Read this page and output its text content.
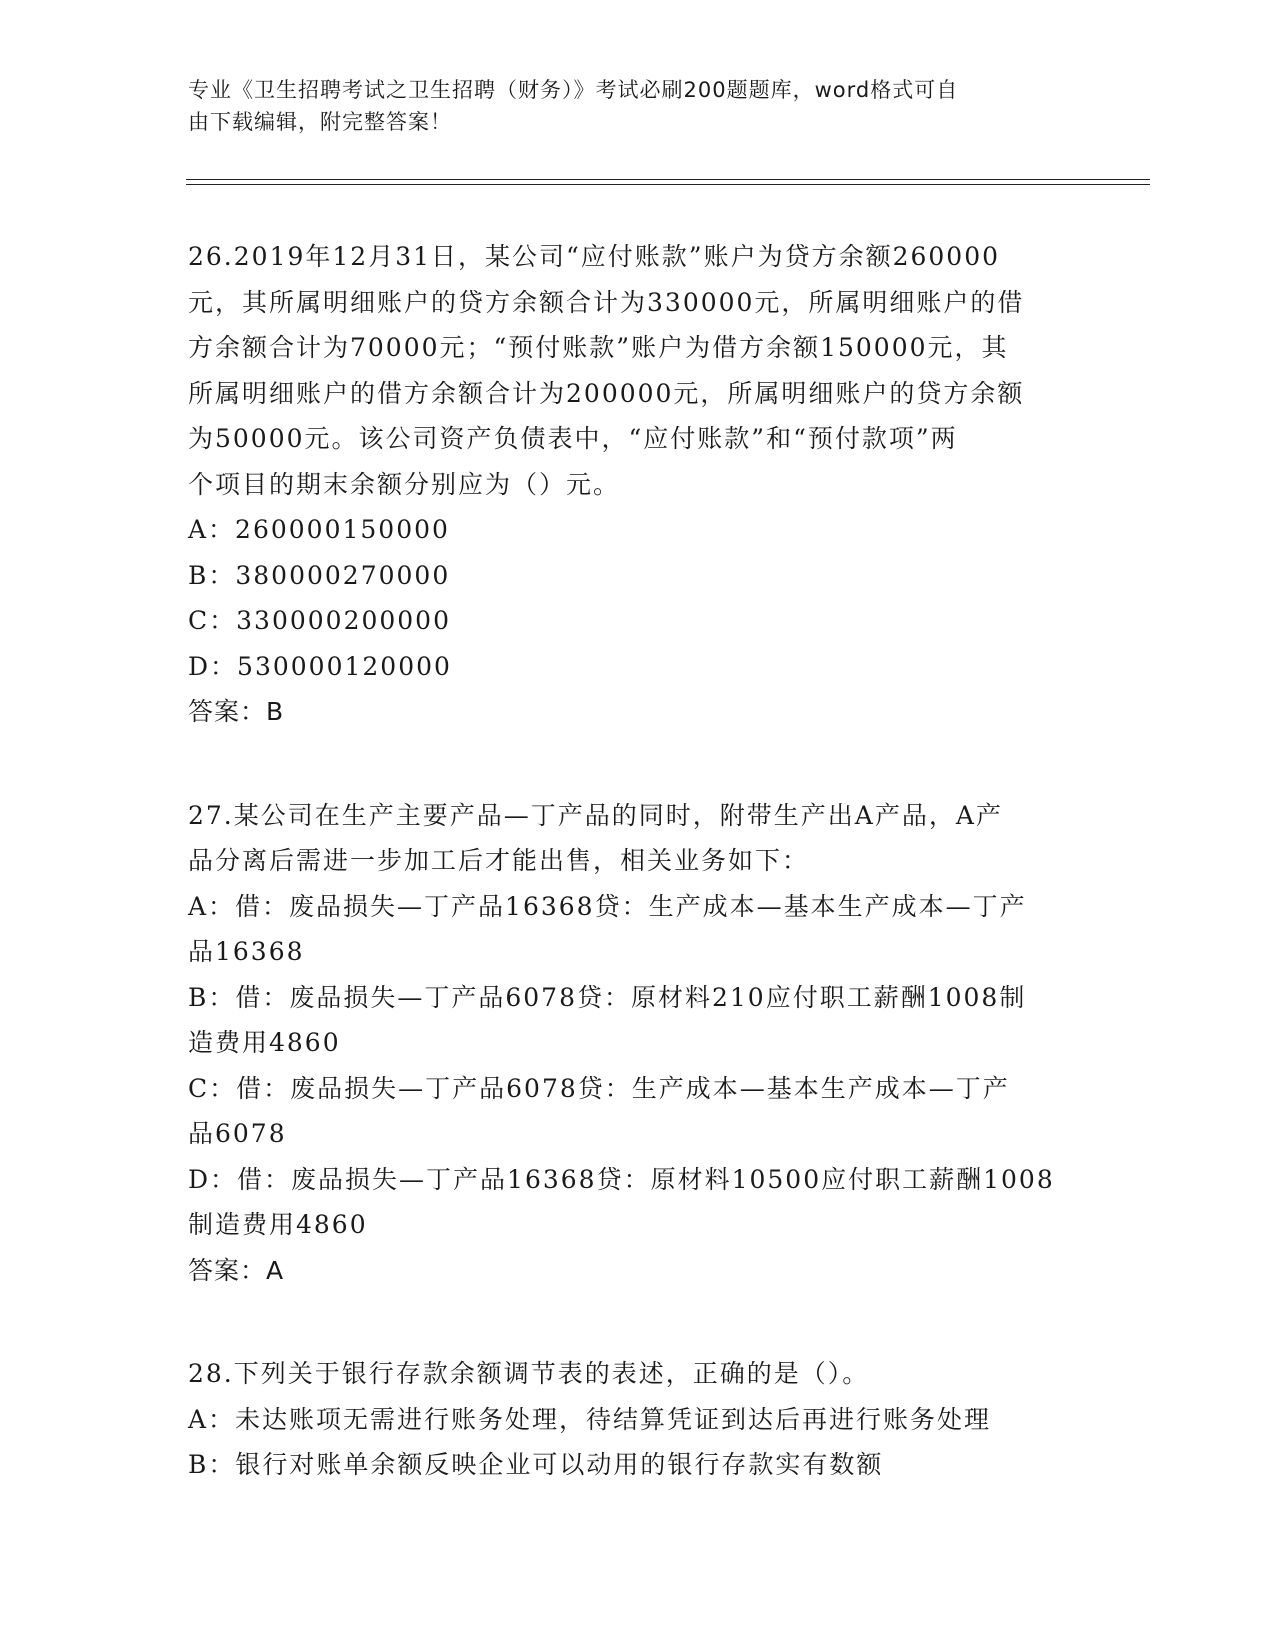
专业《卫生招聘考试之卫生招聘（财务）》考试必刷200题题库，word格式可自
由下载编辑，附完整答案！
26.2019年12月31日，某公司“应付账款”账户为贷方余额260000
元，其所属明细账户的贷方余额合计为330000元，所属明细账户的借
方余额合计为70000元；“预付账款”账户为借方余额150000元，其
所属明细账户的借方余额合计为200000元，所属明细账户的贷方余额
为50000元。该公司资产负债表中，“应付账款”和“预付款项”两
个项目的期末余额分别应为（）元。
A：260000150000
B：380000270000
C：330000200000
D：530000120000
答案：B
27.某公司在生产主要产品—丁产品的同时，附带生产出A产品，A产
品分离后需进一步加工后才能出售，相关业务如下：
A：借：废品损失—丁产品16368贷：生产成本—基本生产成本—丁产
品16368
B：借：废品损失—丁产品6078贷：原材料210应付职工薪酬1008制
造费用4860
C：借：废品损失—丁产品6078贷：生产成本—基本生产成本—丁产
品6078
D：借：废品损失—丁产品16368贷：原材料10500应付职工薪酬1008
制造费用4860
答案：A
28.下列关于银行存款余额调节表的表述，正确的是（）。
A：未达账项无需进行账务处理，待结算凭证到达后再进行账务处理
B：银行对账单余额反映企业可以动用的银行存款实有数额
